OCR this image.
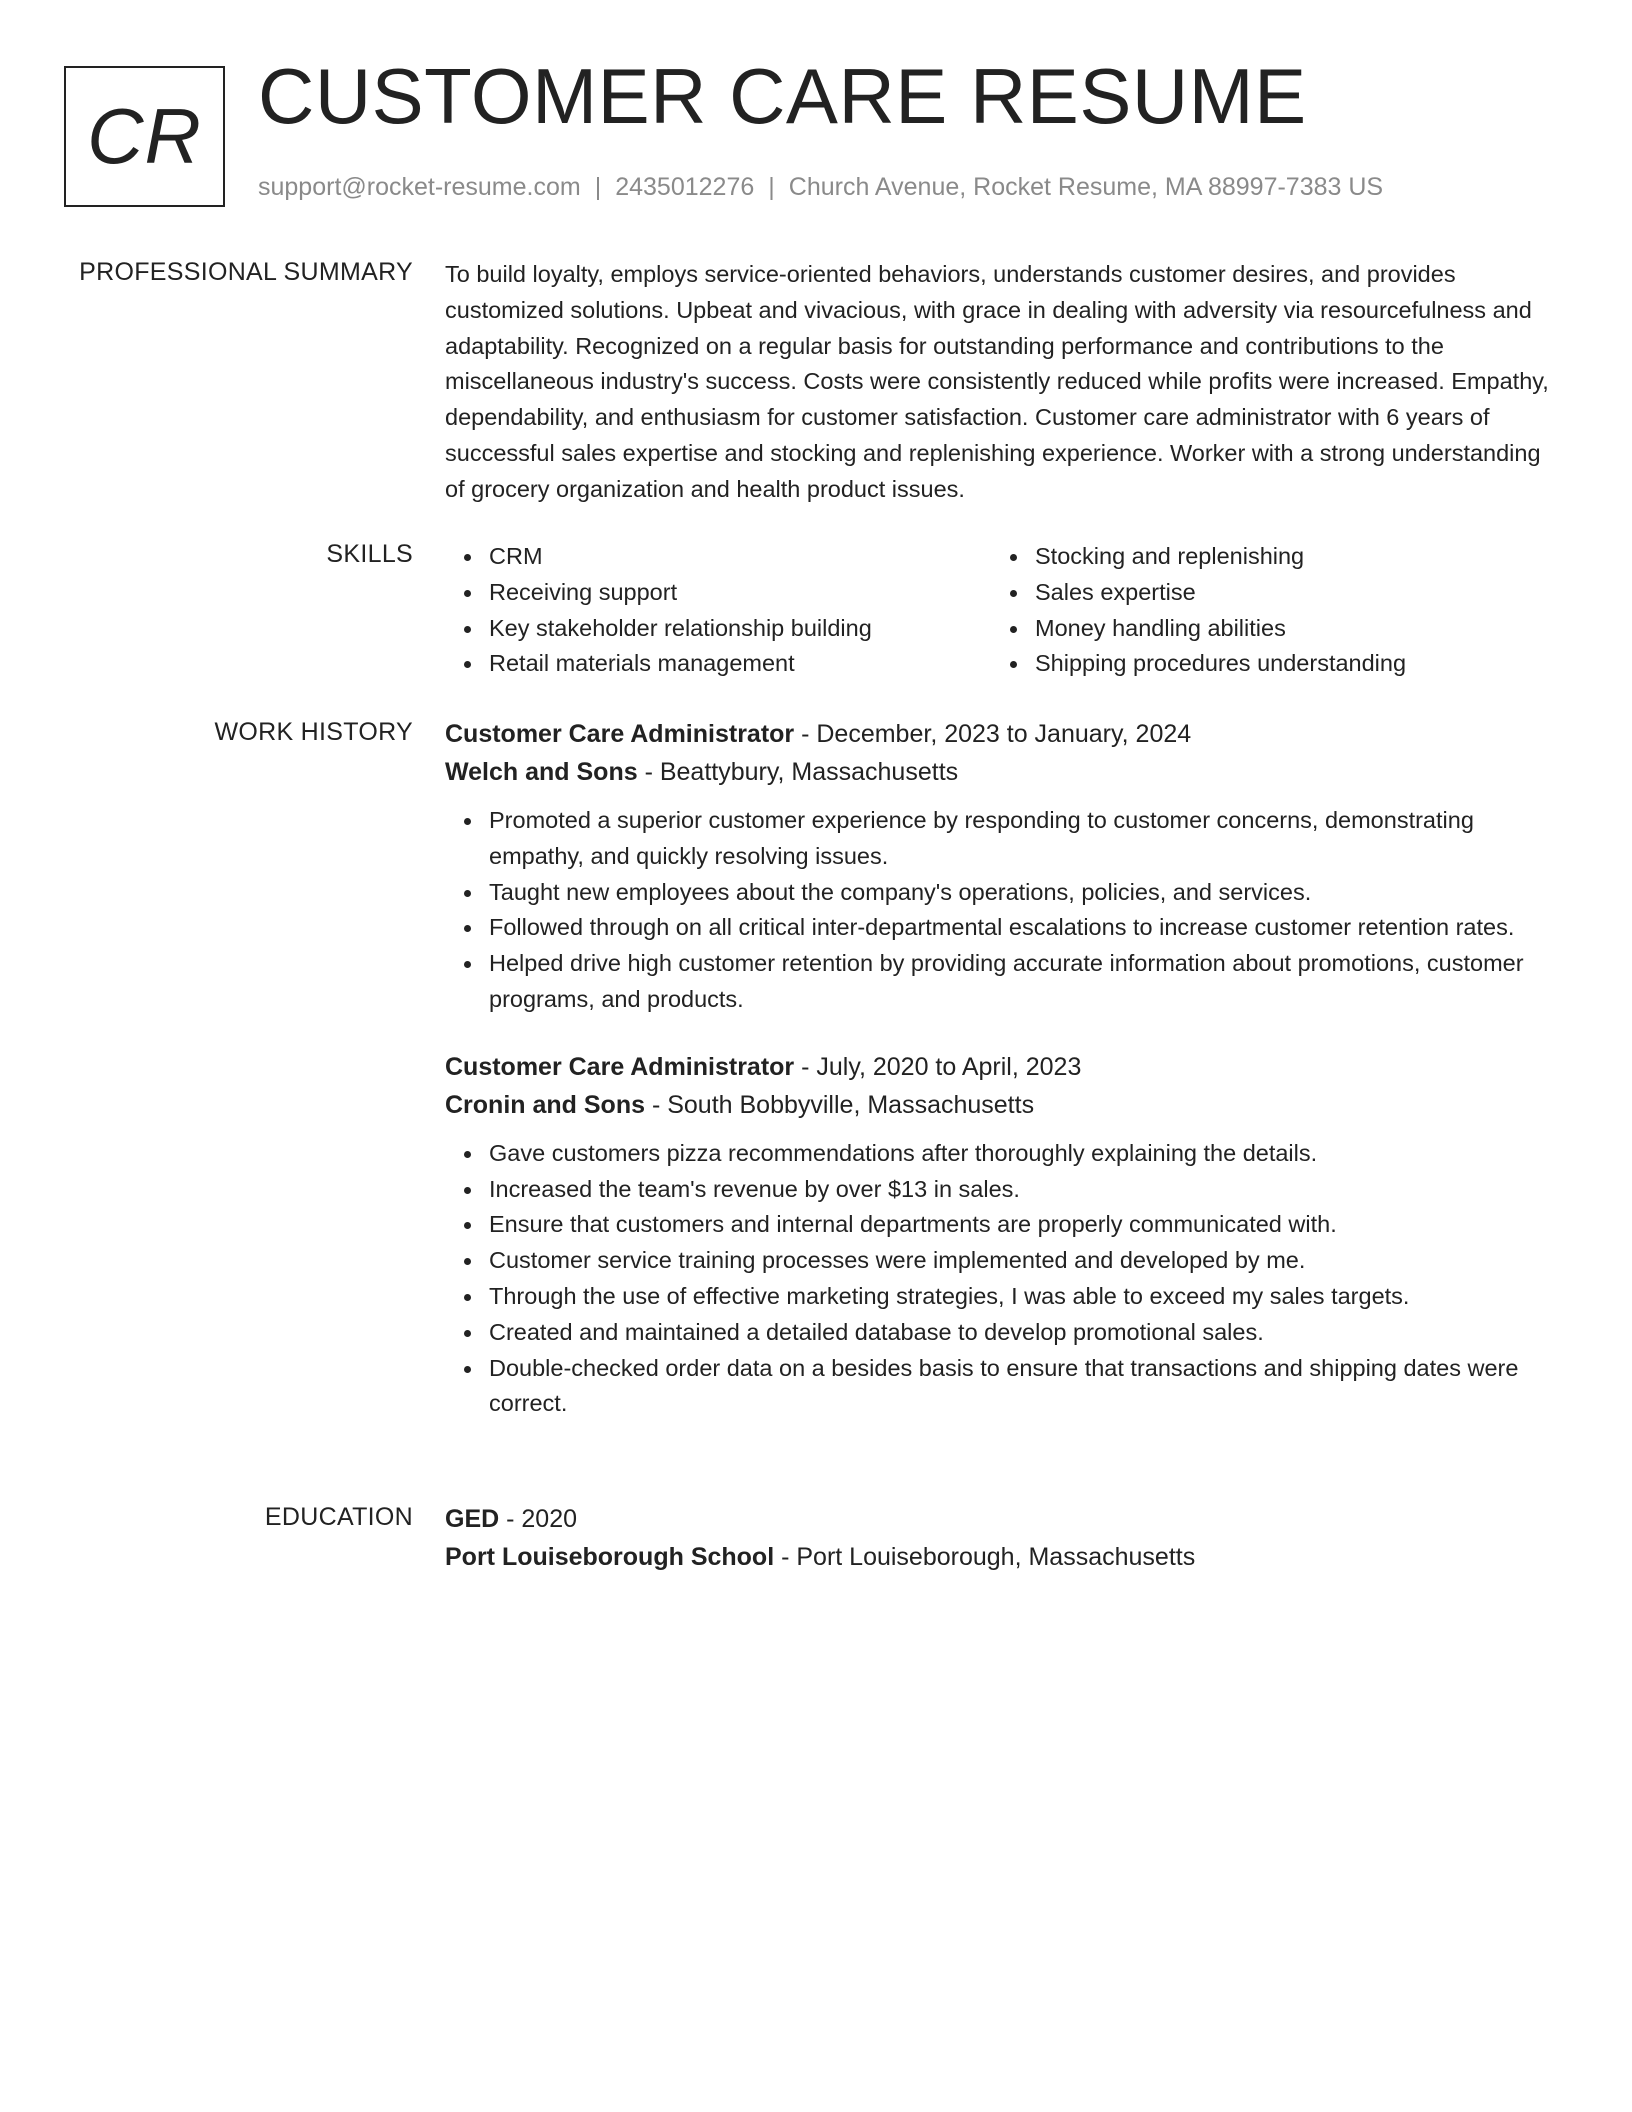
CR CUSTOMER CARE RESUME
support@rocket-resume.com | 2435012276 | Church Avenue, Rocket Resume, MA 88997-7383 US
PROFESSIONAL SUMMARY To build loyalty, employs service-oriented behaviors, understands customer desires, and provides customized solutions. Upbeat and vivacious, with grace in dealing with adversity via resourcefulness and adaptability. Recognized on a regular basis for outstanding performance and contributions to the miscellaneous industry's success. Costs were consistently reduced while profits were increased. Empathy, dependability, and enthusiasm for customer satisfaction. Customer care administrator with 6 years of successful sales expertise and stocking and replenishing experience. Worker with a strong understanding of grocery organization and health product issues.

SKILLS	CRM
Receiving support
Key stakeholder relationship building
Retail materials management
Stocking and replenishing
Sales expertise
Money handling abilities
Shipping procedures understanding
WORK HISTORY Customer Care Administrator - December, 2023 to January, 2024
Welch and Sons - Beattybury, Massachusetts
Promoted a superior customer experience by responding to customer concerns, demonstrating empathy, and quickly resolving issues.
Taught new employees about the company's operations, policies, and services.
Followed through on all critical inter-departmental escalations to increase customer retention rates.
Helped drive high customer retention by providing accurate information about promotions, customer programs, and products.
Customer Care Administrator - July, 2020 to April, 2023
Cronin and Sons - South Bobbyville, Massachusetts
Gave customers pizza recommendations after thoroughly explaining the details.
Increased the team's revenue by over $13 in sales.
Ensure that customers and internal departments are properly communicated with.
Customer service training processes were implemented and developed by me.
Through the use of effective marketing strategies, I was able to exceed my sales targets.
Created and maintained a detailed database to develop promotional sales.
Double-checked order data on a besides basis to ensure that transactions and shipping dates were correct.
EDUCATION GED - 2020
Port Louiseborough School - Port Louiseborough, Massachusetts
